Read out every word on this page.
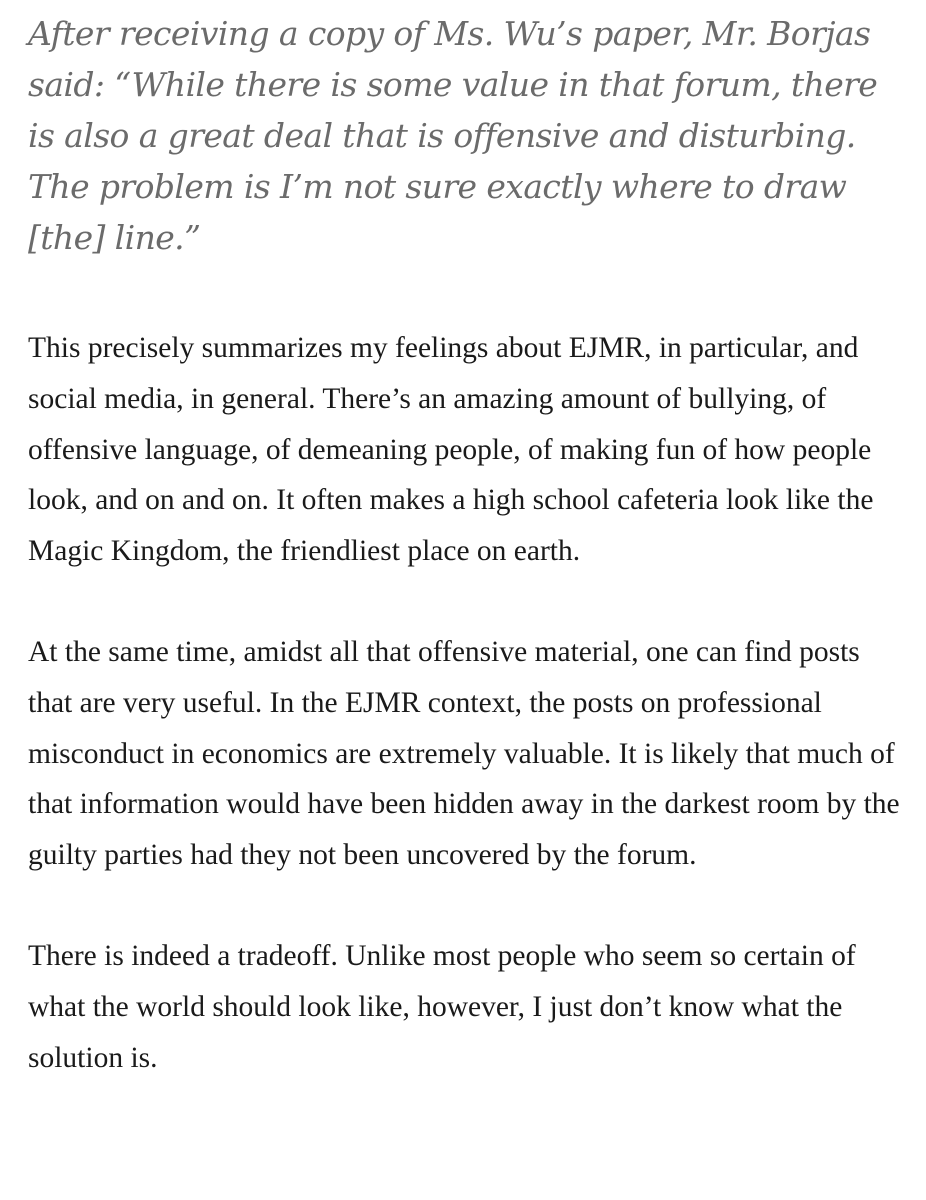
After receiving a copy of Ms. Wu’s paper, Mr. Borjas said: “While there is some value in that forum, there is also a great deal that is offensive and disturbing. The problem is I’m not sure exactly where to draw [the] line.”

This precisely summarizes my feelings about EJMR, in particular, and social media, in general. There’s an amazing amount of bullying, of offensive language, of demeaning people, of making fun of how people look, and on and on. It often makes a high school cafeteria look like the Magic Kingdom, the friendliest place on earth.

At the same time, amidst all that offensive material, one can find posts that are very useful. In the EJMR context, the posts on professional misconduct in economics are extremely valuable. It is likely that much of that information would have been hidden away in the darkest room by the guilty parties had they not been uncovered by the forum.

There is indeed a tradeoff. Unlike most people who seem so certain of what the world should look like, however, I just don’t know what the solution is.
